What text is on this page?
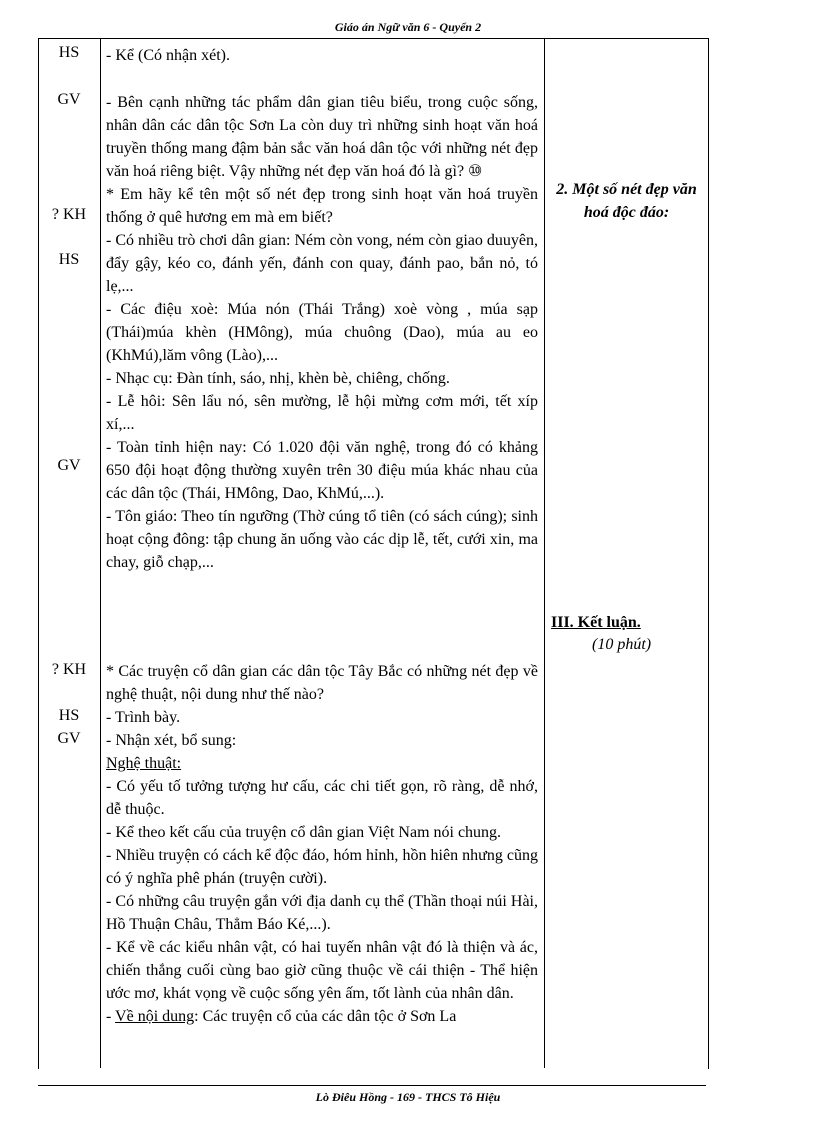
Giáo án Ngữ văn 6 - Quyển 2
HS
GV
? KH
HS
GV
? KH
HS
GV

- Kể (Có nhận xét).

- Bên cạnh những tác phẩm dân gian tiêu biểu, trong cuộc sống, nhân dân các dân tộc Sơn La còn duy trì những sinh hoạt văn hoá truyền thống mang đậm bản sắc văn hoá dân tộc với những nét đẹp văn hoá riêng biệt. Vậy những nét đẹp văn hoá đó là gì? ⑩

* Em hãy kể tên một số nét đẹp trong sinh hoạt văn hoá truyền thống ở quê hương em mà em biết?

- Có nhiều trò chơi dân gian: Ném còn vong, ném còn giao duuyên, đẩy gậy, kéo co, đánh yến, đánh con quay, đánh pao, bắn nỏ, tó lẹ,...

- Các điệu xoè: Múa nón (Thái Trắng) xoè vòng , múa sạp (Thái)múa khèn (HMông), múa chuông (Dao), múa au eo (KhMú),lăm vông (Lào),...

- Nhạc cụ: Đàn tính, sáo, nhị, khèn bè, chiêng, chống.

- Lễ hôi: Sên lẩu nó, sên mường, lễ hội mừng cơm mới, tết xíp xí,...

- Toàn tỉnh hiện nay: Có 1.020 đội văn nghệ, trong đó có khảng 650 đội hoạt động thường xuyên trên 30 điệu múa khác nhau của các dân tộc (Thái, HMông, Dao, KhMú,...).

- Tôn giáo: Theo tín ngưỡng (Thờ cúng tổ tiên (có sách cúng); sinh hoạt cộng đông: tập chung ăn uống vào các dịp lễ, tết, cưới xin, ma chay, giỗ chạp,...

* Các truyện cổ dân gian các dân tộc Tây Bắc có những nét đẹp về nghệ thuật, nội dung như thế nào?

- Trình bày.

- Nhận xét, bổ sung:

Nghệ thuật:

- Có yếu tố tưởng tượng hư cấu, các chi tiết gọn, rõ ràng, dễ nhớ, dễ thuộc.

- Kể theo kết cấu của truyện cổ dân gian Việt Nam nói chung.

- Nhiều truyện có cách kể độc đáo, hóm hỉnh, hồn hiên nhưng cũng có ý nghĩa phê phán (truyện cười).

- Có những câu truyện gắn với địa danh cụ thể (Thần thoại núi Hài, Hồ Thuận Châu, Thẳm Báo Ké,...).

- Kể về các kiểu nhân vật, có hai tuyến nhân vật đó là thiện và ác, chiến thắng cuối cùng bao giờ cũng thuộc về cái thiện - Thể hiện ước mơ, khát vọng về cuộc sống yên ấm, tốt lành của nhân dân.

- Về nội dung: Các truyện cổ của các dân tộc ở Sơn La

2. Một số nét đẹp văn hoá độc đáo:
III. Kết luận.
(10 phút)
Lò Điêu Hồng - 169 - THCS Tô Hiệu
